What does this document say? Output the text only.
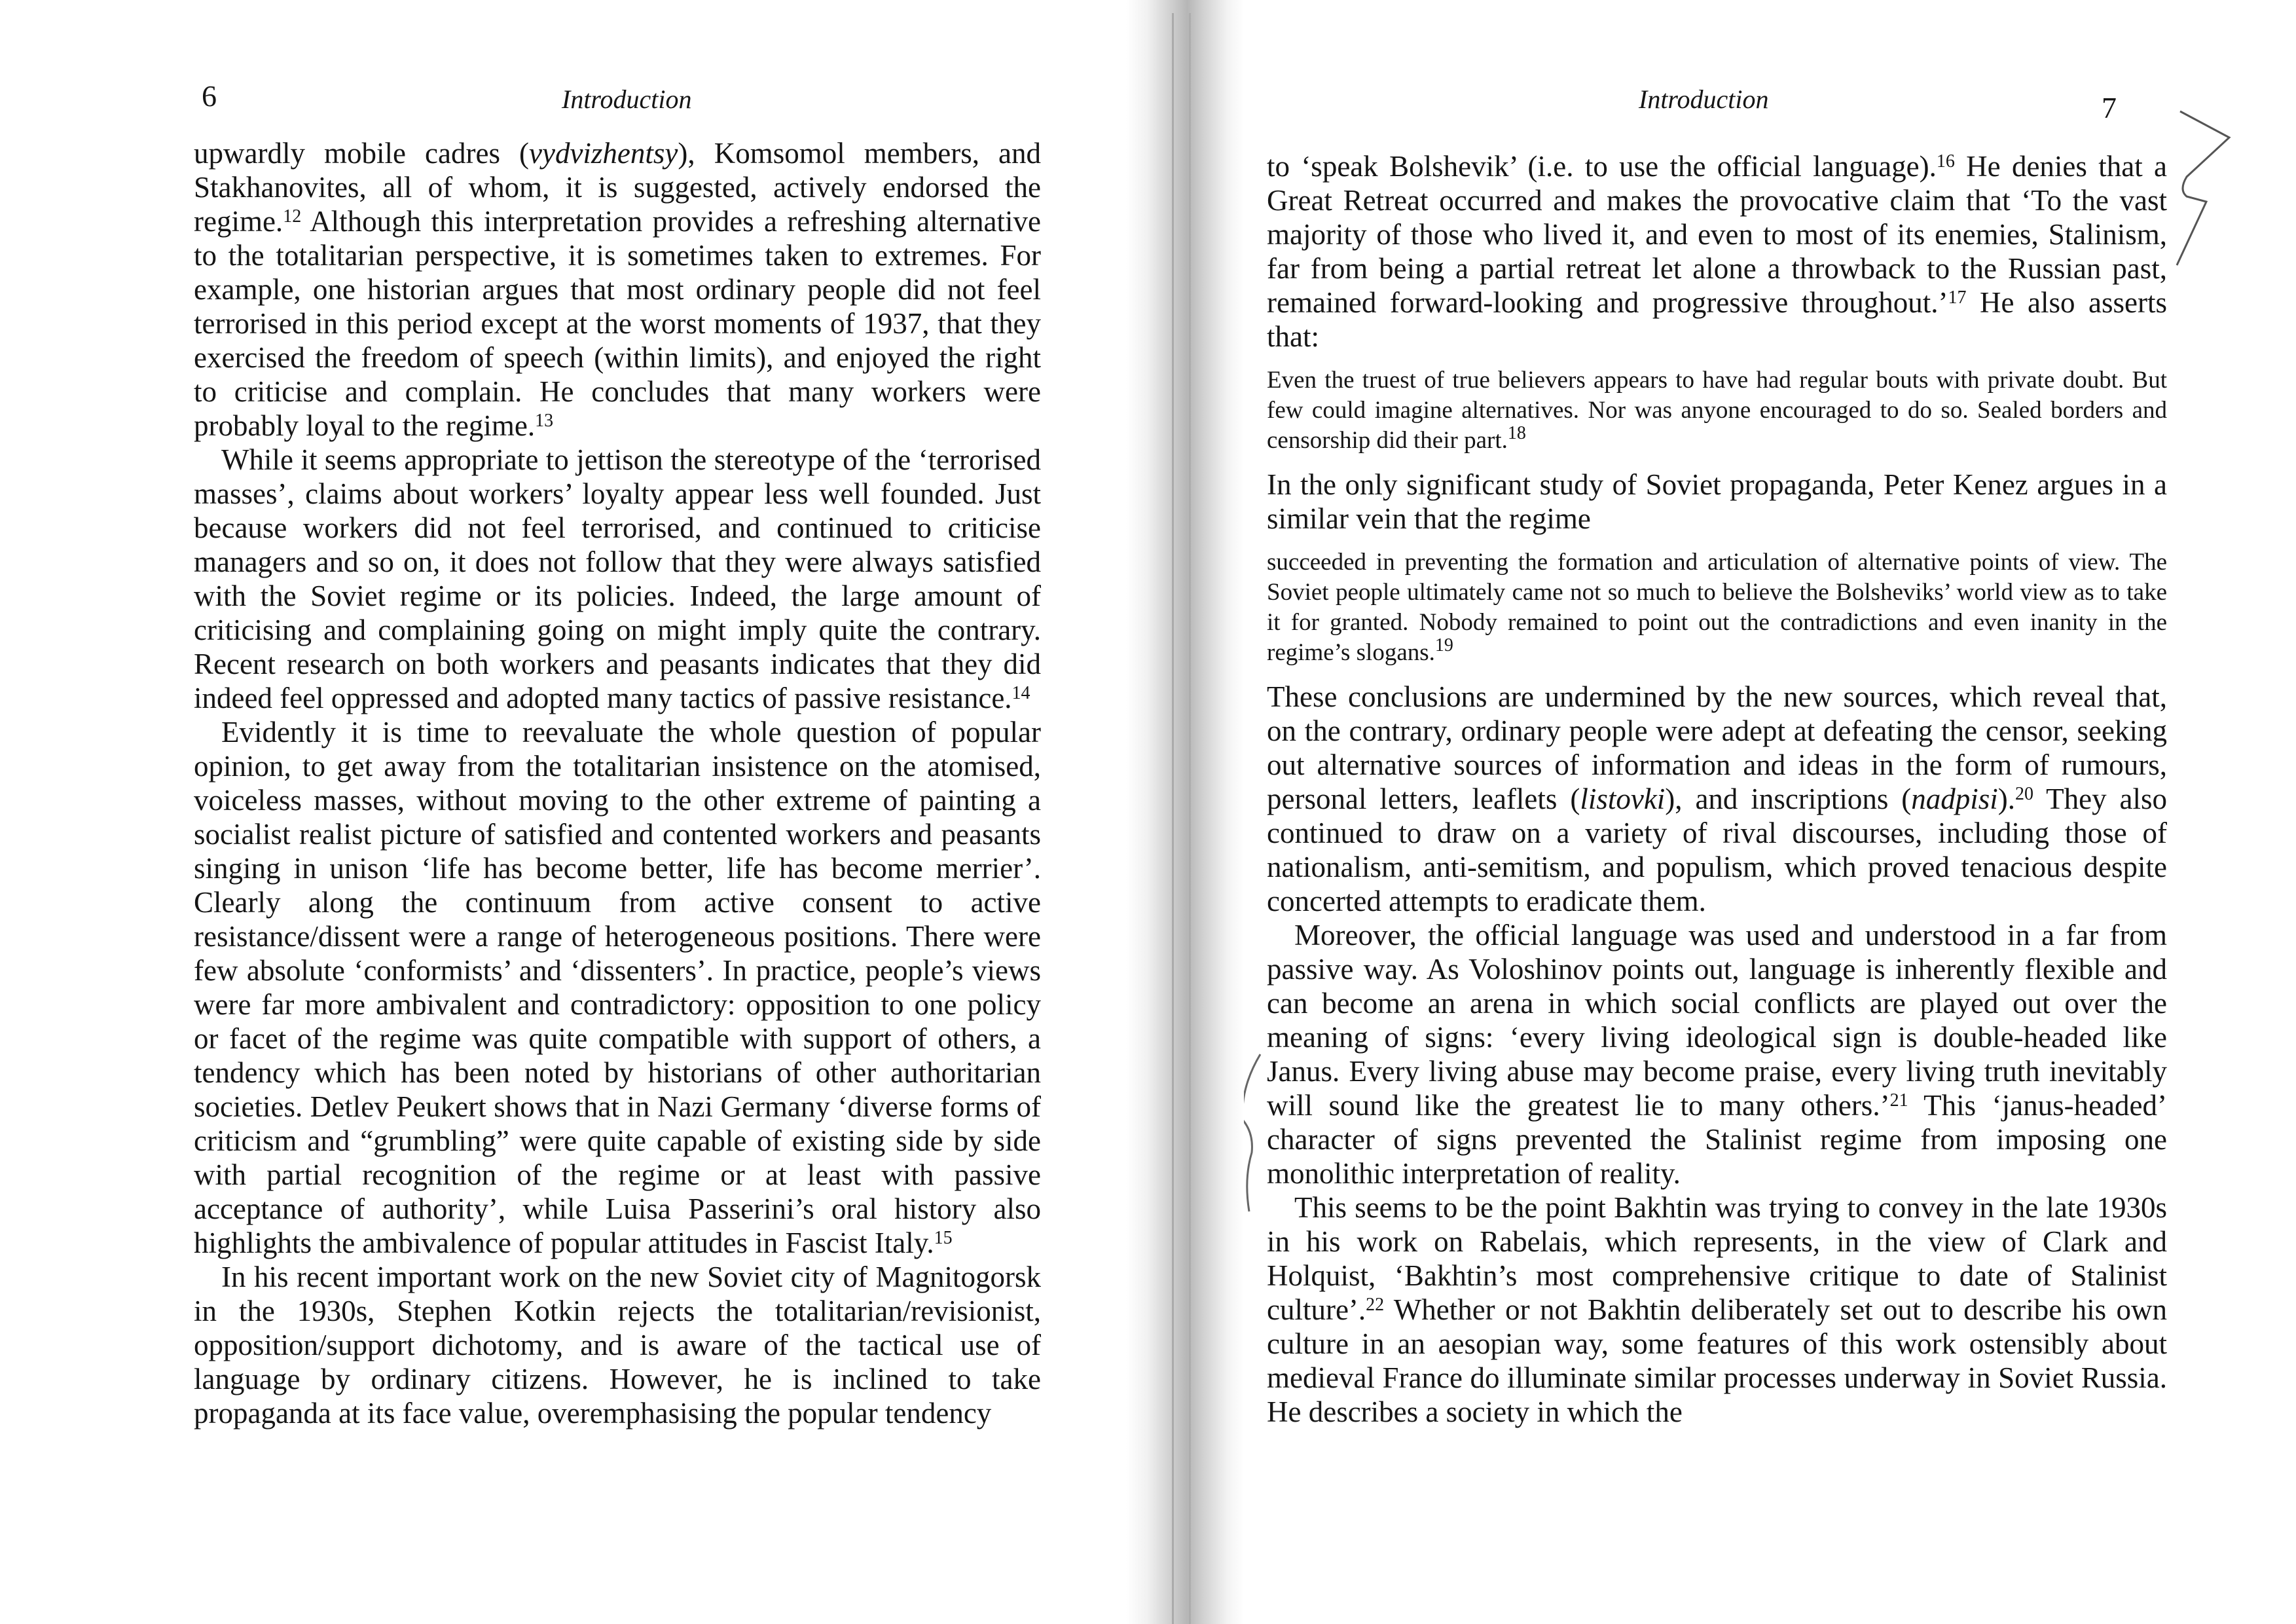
6	Introduction

upwardly mobile cadres (vydvizhentsy), Komsomol members, and Stakhanovites, all of whom, it is suggested, actively endorsed the regime.$^{12}$ Although this interpretation provides a refreshing alternative to the totalitarian perspective, it is sometimes taken to extremes. For example, one historian argues that most ordinary people did not feel terrorised in this period except at the worst moments of 1937, that they exercised the freedom of speech (within limits), and enjoyed the right to criticise and complain. He concludes that many workers were probably loyal to the regime.$^{13}$

While it seems appropriate to jettison the stereotype of the ‘terrorised masses’, claims about workers’ loyalty appear less well founded. Just because workers did not feel terrorised, and continued to criticise managers and so on, it does not follow that they were always satisfied with the Soviet regime or its policies. Indeed, the large amount of criticising and complaining going on might imply quite the contrary. Recent research on both workers and peasants indicates that they did indeed feel oppressed and adopted many tactics of passive resistance.$^{14}$

Evidently it is time to reevaluate the whole question of popular opinion, to get away from the totalitarian insistence on the atomised, voiceless masses, without moving to the other extreme of painting a socialist realist picture of satisfied and contented workers and peasants singing in unison ‘life has become better, life has become merrier’. Clearly along the continuum from active consent to active resistance/dissent were a range of heterogeneous positions. There were few absolute ‘conformists’ and ‘dissenters’. In practice, people’s views were far more ambivalent and contradictory: opposition to one policy or facet of the regime was quite compatible with support of others, a tendency which has been noted by historians of other authoritarian societies. Detlev Peukert shows that in Nazi Germany ‘diverse forms of criticism and “grumbling” were quite capable of existing side by side with partial recognition of the regime or at least with passive acceptance of authority’, while Luisa Passerini’s oral history also highlights the ambivalence of popular attitudes in Fascist Italy.$^{15}$

In his recent important work on the new Soviet city of Magnitogorsk in the 1930s, Stephen Kotkin rejects the totalitarian/revisionist, opposition/support dichotomy, and is aware of the tactical use of language by ordinary citizens. However, he is inclined to take propaganda at its face value, overemphasising the popular tendency

Introduction	7

to ‘speak Bolshevik’ (i.e. to use the official language).$^{16}$ He denies that a Great Retreat occurred and makes the provocative claim that ‘To the vast majority of those who lived it, and even to most of its enemies, Stalinism, far from being a partial retreat let alone a throwback to the Russian past, remained forward-looking and progressive throughout.’$^{17}$ He also asserts that:

Even the truest of true believers appears to have had regular bouts with private doubt. But few could imagine alternatives. Nor was anyone encouraged to do so. Sealed borders and censorship did their part.$^{18}$

In the only significant study of Soviet propaganda, Peter Kenez argues in a similar vein that the regime

succeeded in preventing the formation and articulation of alternative points of view. The Soviet people ultimately came not so much to believe the Bolsheviks’ world view as to take it for granted. Nobody remained to point out the contradictions and even inanity in the regime’s slogans.$^{19}$

These conclusions are undermined by the new sources, which reveal that, on the contrary, ordinary people were adept at defeating the censor, seeking out alternative sources of information and ideas in the form of rumours, personal letters, leaflets (listovki), and inscriptions (nadpisi).$^{20}$ They also continued to draw on a variety of rival discourses, including those of nationalism, anti-semitism, and populism, which proved tenacious despite concerted attempts to eradicate them.

Moreover, the official language was used and understood in a far from passive way. As Voloshinov points out, language is inherently flexible and can become an arena in which social conflicts are played out over the meaning of signs: ‘every living ideological sign is double-headed like Janus. Every living abuse may become praise, every living truth inevitably will sound like the greatest lie to many others.’$^{21}$ This ‘janus-headed’ character of signs prevented the Stalinist regime from imposing one monolithic interpretation of reality.

This seems to be the point Bakhtin was trying to convey in the late 1930s in his work on Rabelais, which represents, in the view of Clark and Holquist, ‘Bakhtin’s most comprehensive critique to date of Stalinist culture’.$^{22}$ Whether or not Bakhtin deliberately set out to describe his own culture in an aesopian way, some features of this work ostensibly about medieval France do illuminate similar processes underway in Soviet Russia. He describes a society in which the
